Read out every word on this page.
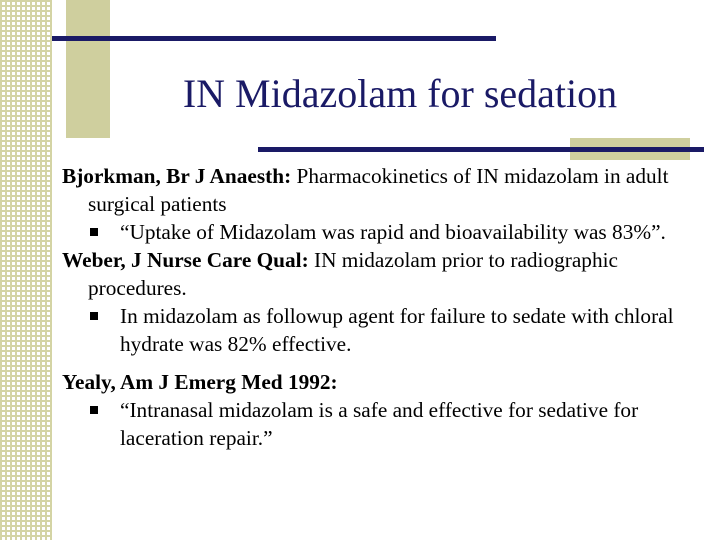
IN Midazolam for sedation
Bjorkman, Br J Anaesth: Pharmacokinetics of IN midazolam in adult surgical patients
“Uptake of Midazolam was rapid and bioavailability was 83%”.
Weber, J Nurse Care Qual: IN midazolam prior to radiographic procedures.
In midazolam as followup agent for failure to sedate with chloral hydrate was 82% effective.
Yealy, Am J Emerg Med 1992:
“Intranasal midazolam is a safe and effective for sedative for laceration repair.”
